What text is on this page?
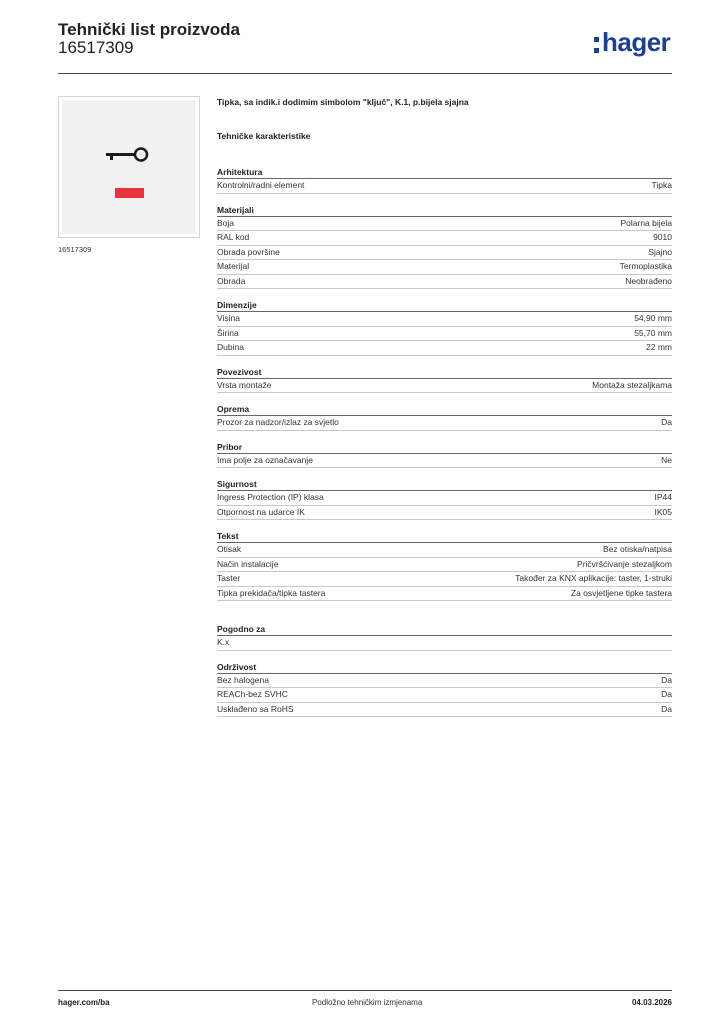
Tehnički list proizvoda
16517309	hager
16517309
Tipka, sa indik.i dodimim simbolom "ključ", K.1, p.bijela sjajna
Tehničke karakteristike
Arhitektura
Kontrolni/radni element	Tipka
Materijali
Boja	Polarna bijela
RAL kod	9010
Obrada površine	Sjajno
Materijal	Termoplastika
Obrada	Neobrađeno
Dimenzije
Visina	54,90 mm
Širina	55,70 mm
Dubina	22 mm
Povezivost
Vrsta montaže	Montaža stezaljkama
Oprema
Prozor za nadzor/izlaz za svjetlo	Da
Pribor
Ima polje za označavanje	Ne
Sigurnost
Ingress Protection (IP) klasa	IP44
Otpornost na udarce IK	IK05
Tekst
Otisak	Bez otiska/natpisa
Način instalacije	Pričvršćivanje stezaljkom
Taster	Također za KNX aplikacije: taster, 1-struki
Tipka prekidača/tipka tastera	Za osvjetljene tipke tastera
Pogodno za
K.x
Održivost
Bez halogena	Da
REACh-bez SVHC	Da
Usklađeno sa RoHS	Da
hager.com/ba	Podložno tehničkim izmjenama	04.03.2026
